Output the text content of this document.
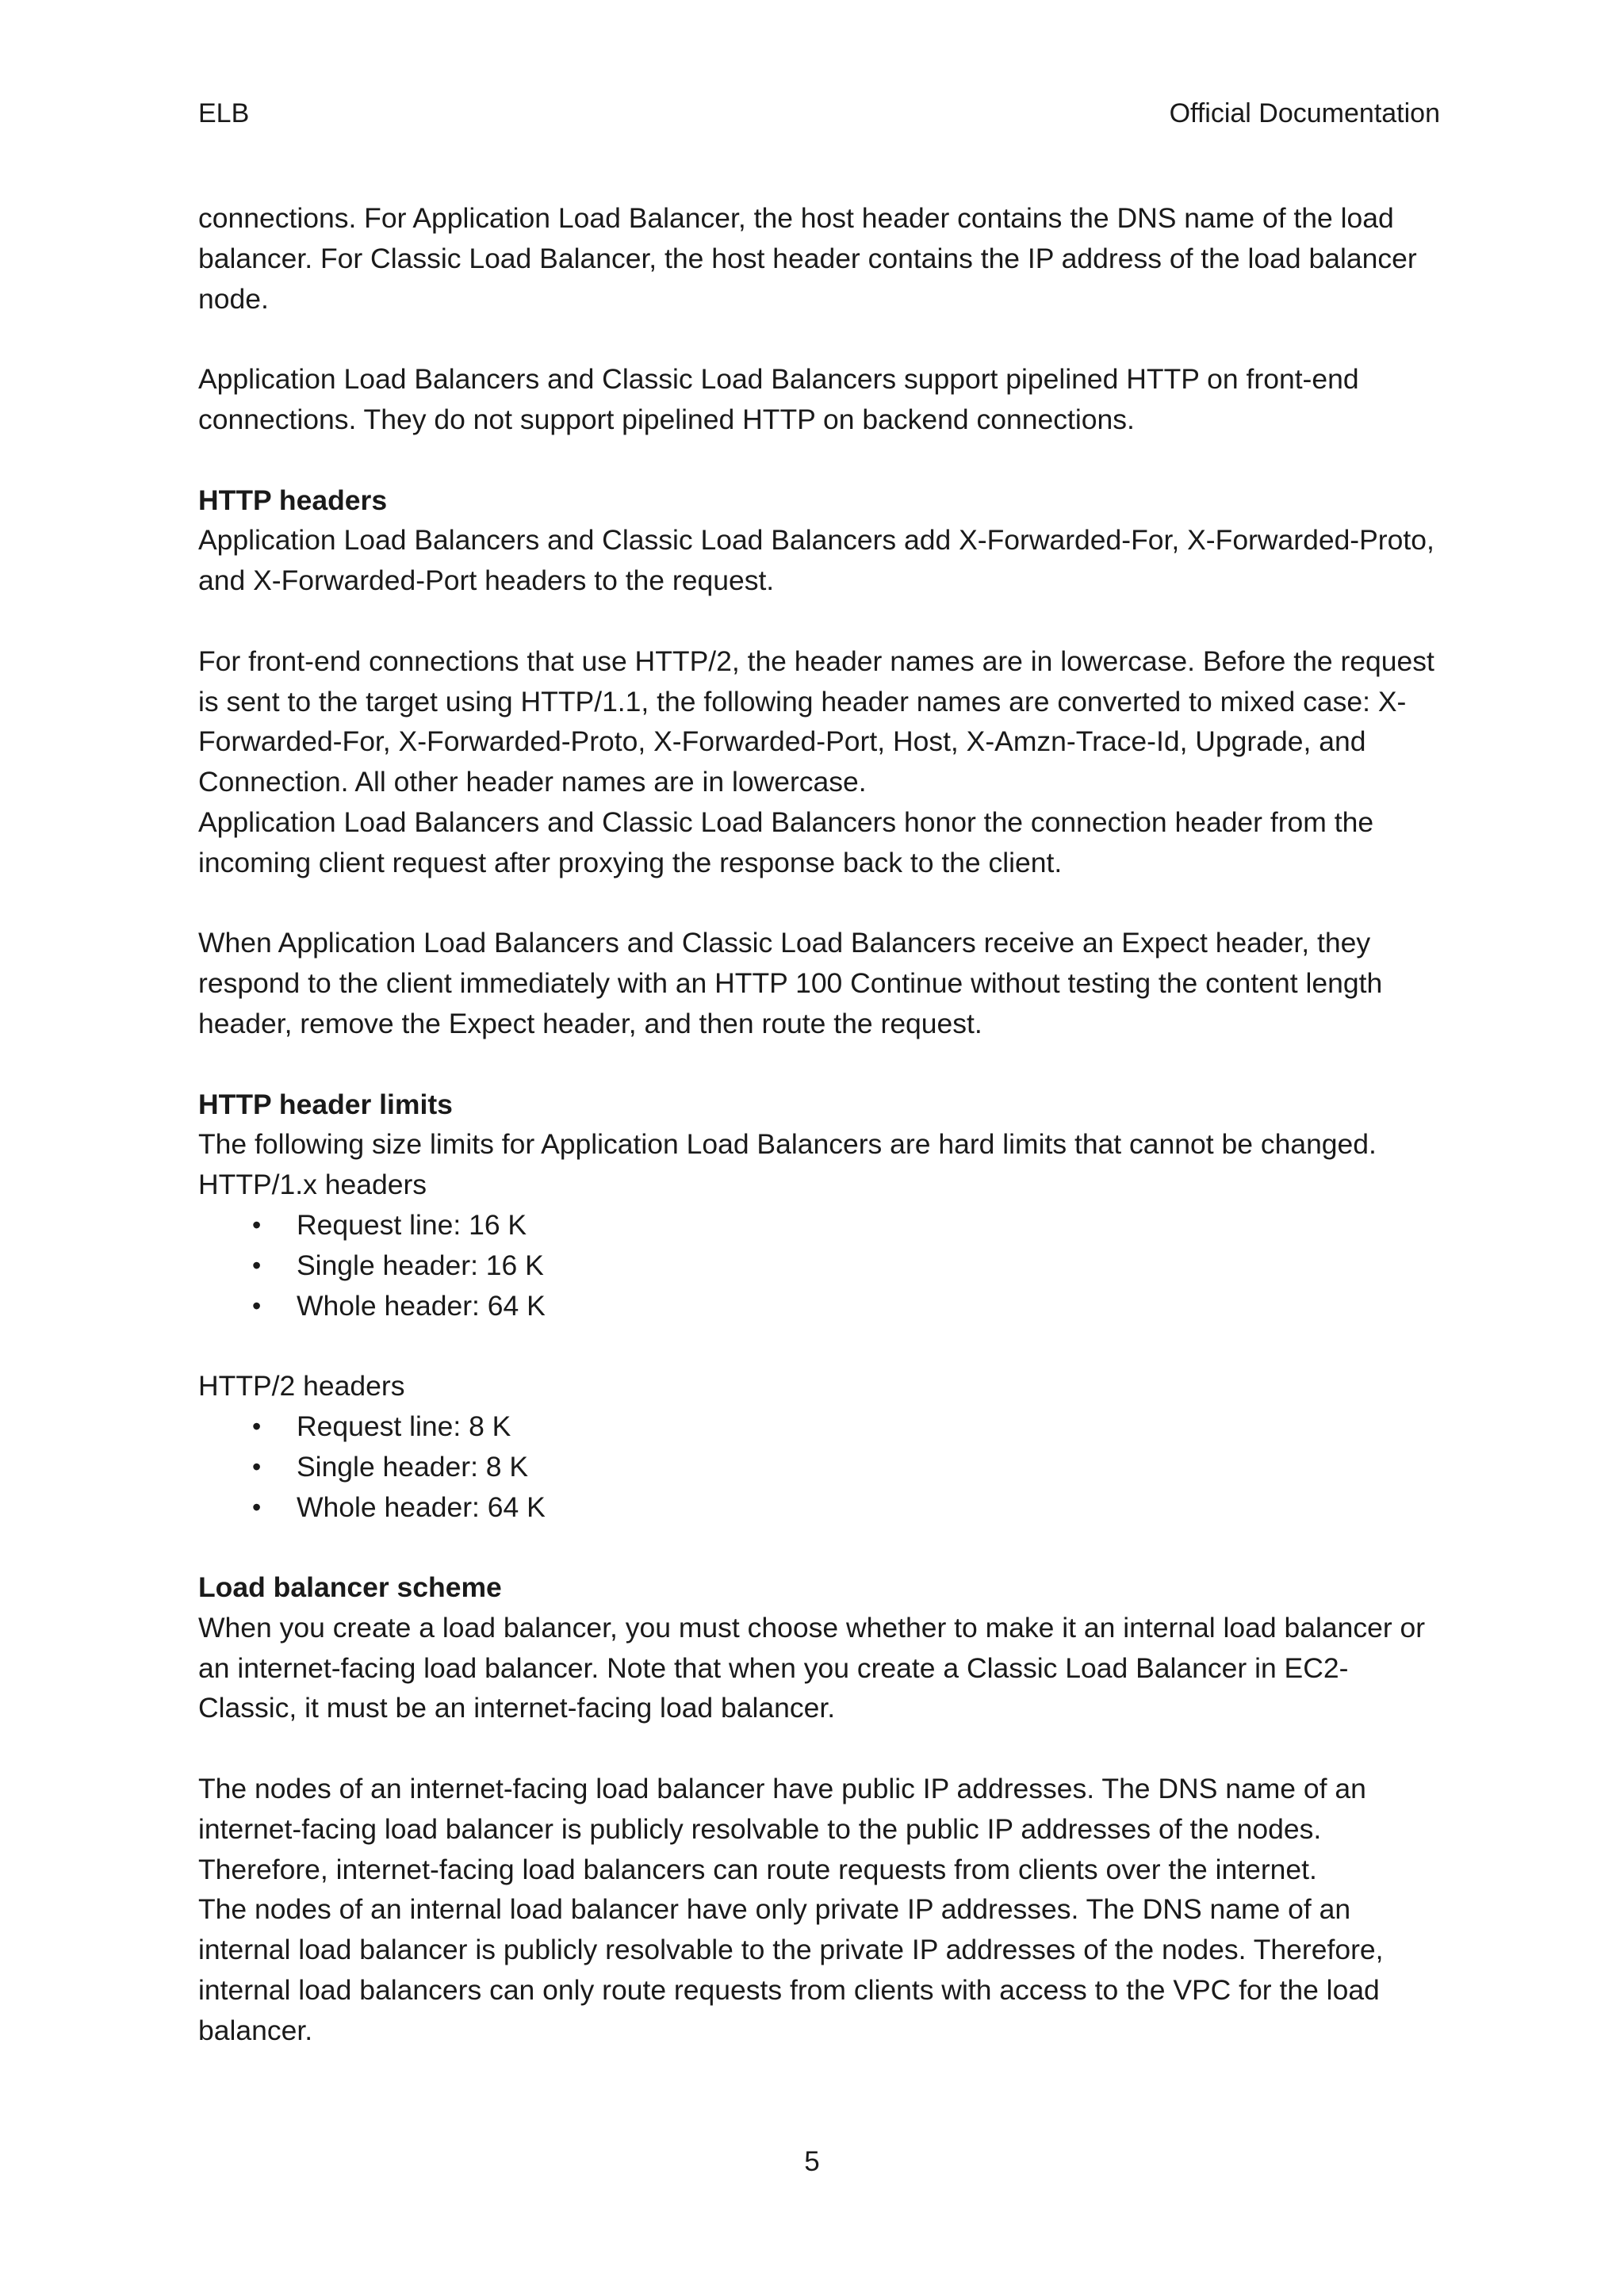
ELB	Official Documentation

connections. For Application Load Balancer, the host header contains the DNS name of the load balancer. For Classic Load Balancer, the host header contains the IP address of the load balancer node.

Application Load Balancers and Classic Load Balancers support pipelined HTTP on front-end connections. They do not support pipelined HTTP on backend connections.

HTTP headers

Application Load Balancers and Classic Load Balancers add X-Forwarded-For, X-Forwarded-Proto, and X-Forwarded-Port headers to the request.

For front-end connections that use HTTP/2, the header names are in lowercase. Before the request is sent to the target using HTTP/1.1, the following header names are converted to mixed case: X-Forwarded-For, X-Forwarded-Proto, X-Forwarded-Port, Host, X-Amzn-Trace-Id, Upgrade, and Connection. All other header names are in lowercase.

Application Load Balancers and Classic Load Balancers honor the connection header from the incoming client request after proxying the response back to the client.

When Application Load Balancers and Classic Load Balancers receive an Expect header, they respond to the client immediately with an HTTP 100 Continue without testing the content length header, remove the Expect header, and then route the request.

HTTP header limits

The following size limits for Application Load Balancers are hard limits that cannot be changed.

HTTP/1.x headers

• Request line: 16 K
• Single header: 16 K
• Whole header: 64 K

HTTP/2 headers

• Request line: 8 K
• Single header: 8 K
• Whole header: 64 K

Load balancer scheme

When you create a load balancer, you must choose whether to make it an internal load balancer or an internet-facing load balancer. Note that when you create a Classic Load Balancer in EC2-Classic, it must be an internet-facing load balancer.

The nodes of an internet-facing load balancer have public IP addresses. The DNS name of an internet-facing load balancer is publicly resolvable to the public IP addresses of the nodes. Therefore, internet-facing load balancers can route requests from clients over the internet.

The nodes of an internal load balancer have only private IP addresses. The DNS name of an internal load balancer is publicly resolvable to the private IP addresses of the nodes. Therefore, internal load balancers can only route requests from clients with access to the VPC for the load balancer.

5
